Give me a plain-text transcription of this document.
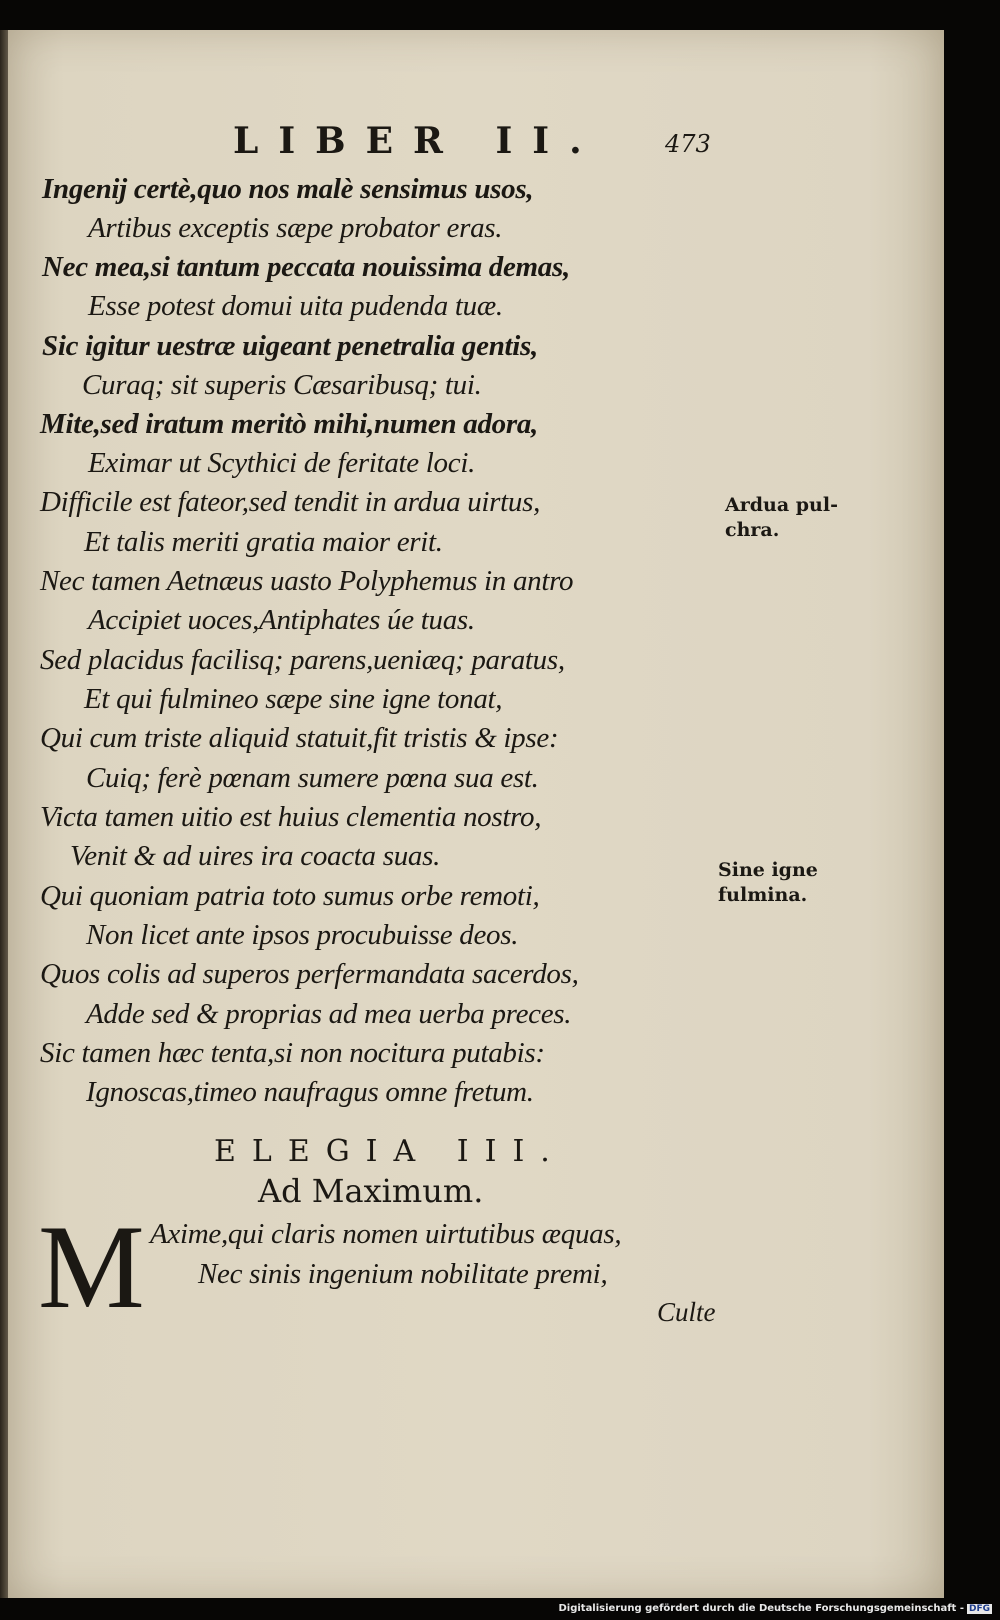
LIBER II.	473
Ingenij certè,quo nos malè sensimus usos,
Artibus exceptis sæpe probator eras.
Nec mea,si tantum peccata nouissima demas,
Esse potest domui uita pudenda tuæ.
Sic igitur uestræ uigeant penetralia gentis,
Curaq; sit superis Cæsaribusq; tui.
Mite,sed iratum meritò mihi,numen adora,
Eximar ut Scythici de feritate loci.
Difficile est fateor,sed tendit in ardua uirtus,
Et talis meriti gratia maior erit.
Nec tamen Aetnæus uasto Polyphemus in antro
Accipiet uoces,Antiphates úe tuas.
Sed placidus facilisq; parens,ueniæq; paratus,
Et qui fulmineo sæpe sine igne tonat,
Qui cum triste aliquid statuit,fit tristis & ipse:
Cuiq; ferè pœnam sumere pœna sua est.
Victa tamen uitio est huius clementia nostro,
Venit & ad uires ira coacta suas.
Qui quoniam patria toto sumus orbe remoti,
Non licet ante ipsos procubuisse deos.
Quos colis ad superos perfermandata sacerdos,
Adde sed & proprias ad mea uerba preces.
Sic tamen hæc tenta,si non nocitura putabis:
Ignoscas,timeo naufragus omne fretum.
Ardua pul-
chra.
Sine igne
fulmina.
ELEGIA III.
Ad Maximum.
M Axime,qui claris nomen uirtutibus æquas,
Nec sinis ingenium nobilitate premi,
Culte
Digitalisierung gefördert durch die Deutsche Forschungsgemeinschaft - DFG
